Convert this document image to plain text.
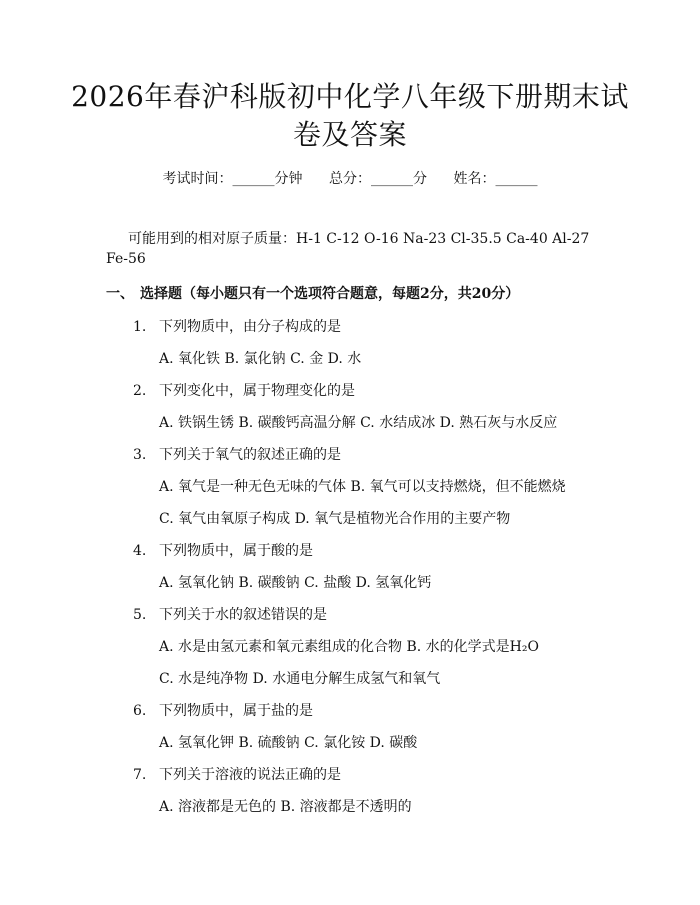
2026年春沪科版初中化学八年级下册期末试
卷及答案
考试时间：______分钟 总分：______分 姓名：______
可能用到的相对原子质量：H-1 C-12 O-16 Na-23 Cl-35.5 Ca-40 Al-27 Fe-56
一、 选择题（每小题只有一个选项符合题意，每题2分，共20分）
1. 下列物质中，由分子构成的是
A. 氧化铁 B. 氯化钠 C. 金 D. 水
2. 下列变化中，属于物理变化的是
A. 铁锅生锈 B. 碳酸钙高温分解 C. 水结成冰 D. 熟石灰与水反应
3. 下列关于氧气的叙述正确的是
A. 氧气是一种无色无味的气体 B. 氧气可以支持燃烧，但不能燃烧
C. 氧气由氧原子构成 D. 氧气是植物光合作用的主要产物
4. 下列物质中，属于酸的是
A. 氢氧化钠 B. 碳酸钠 C. 盐酸 D. 氢氧化钙
5. 下列关于水的叙述错误的是
A. 水是由氢元素和氧元素组成的化合物 B. 水的化学式是H₂O
C. 水是纯净物 D. 水通电分解生成氢气和氧气
6. 下列物质中，属于盐的是
A. 氢氧化钾 B. 硫酸钠 C. 氯化铵 D. 碳酸
7. 下列关于溶液的说法正确的是
A. 溶液都是无色的 B. 溶液都是不透明的
